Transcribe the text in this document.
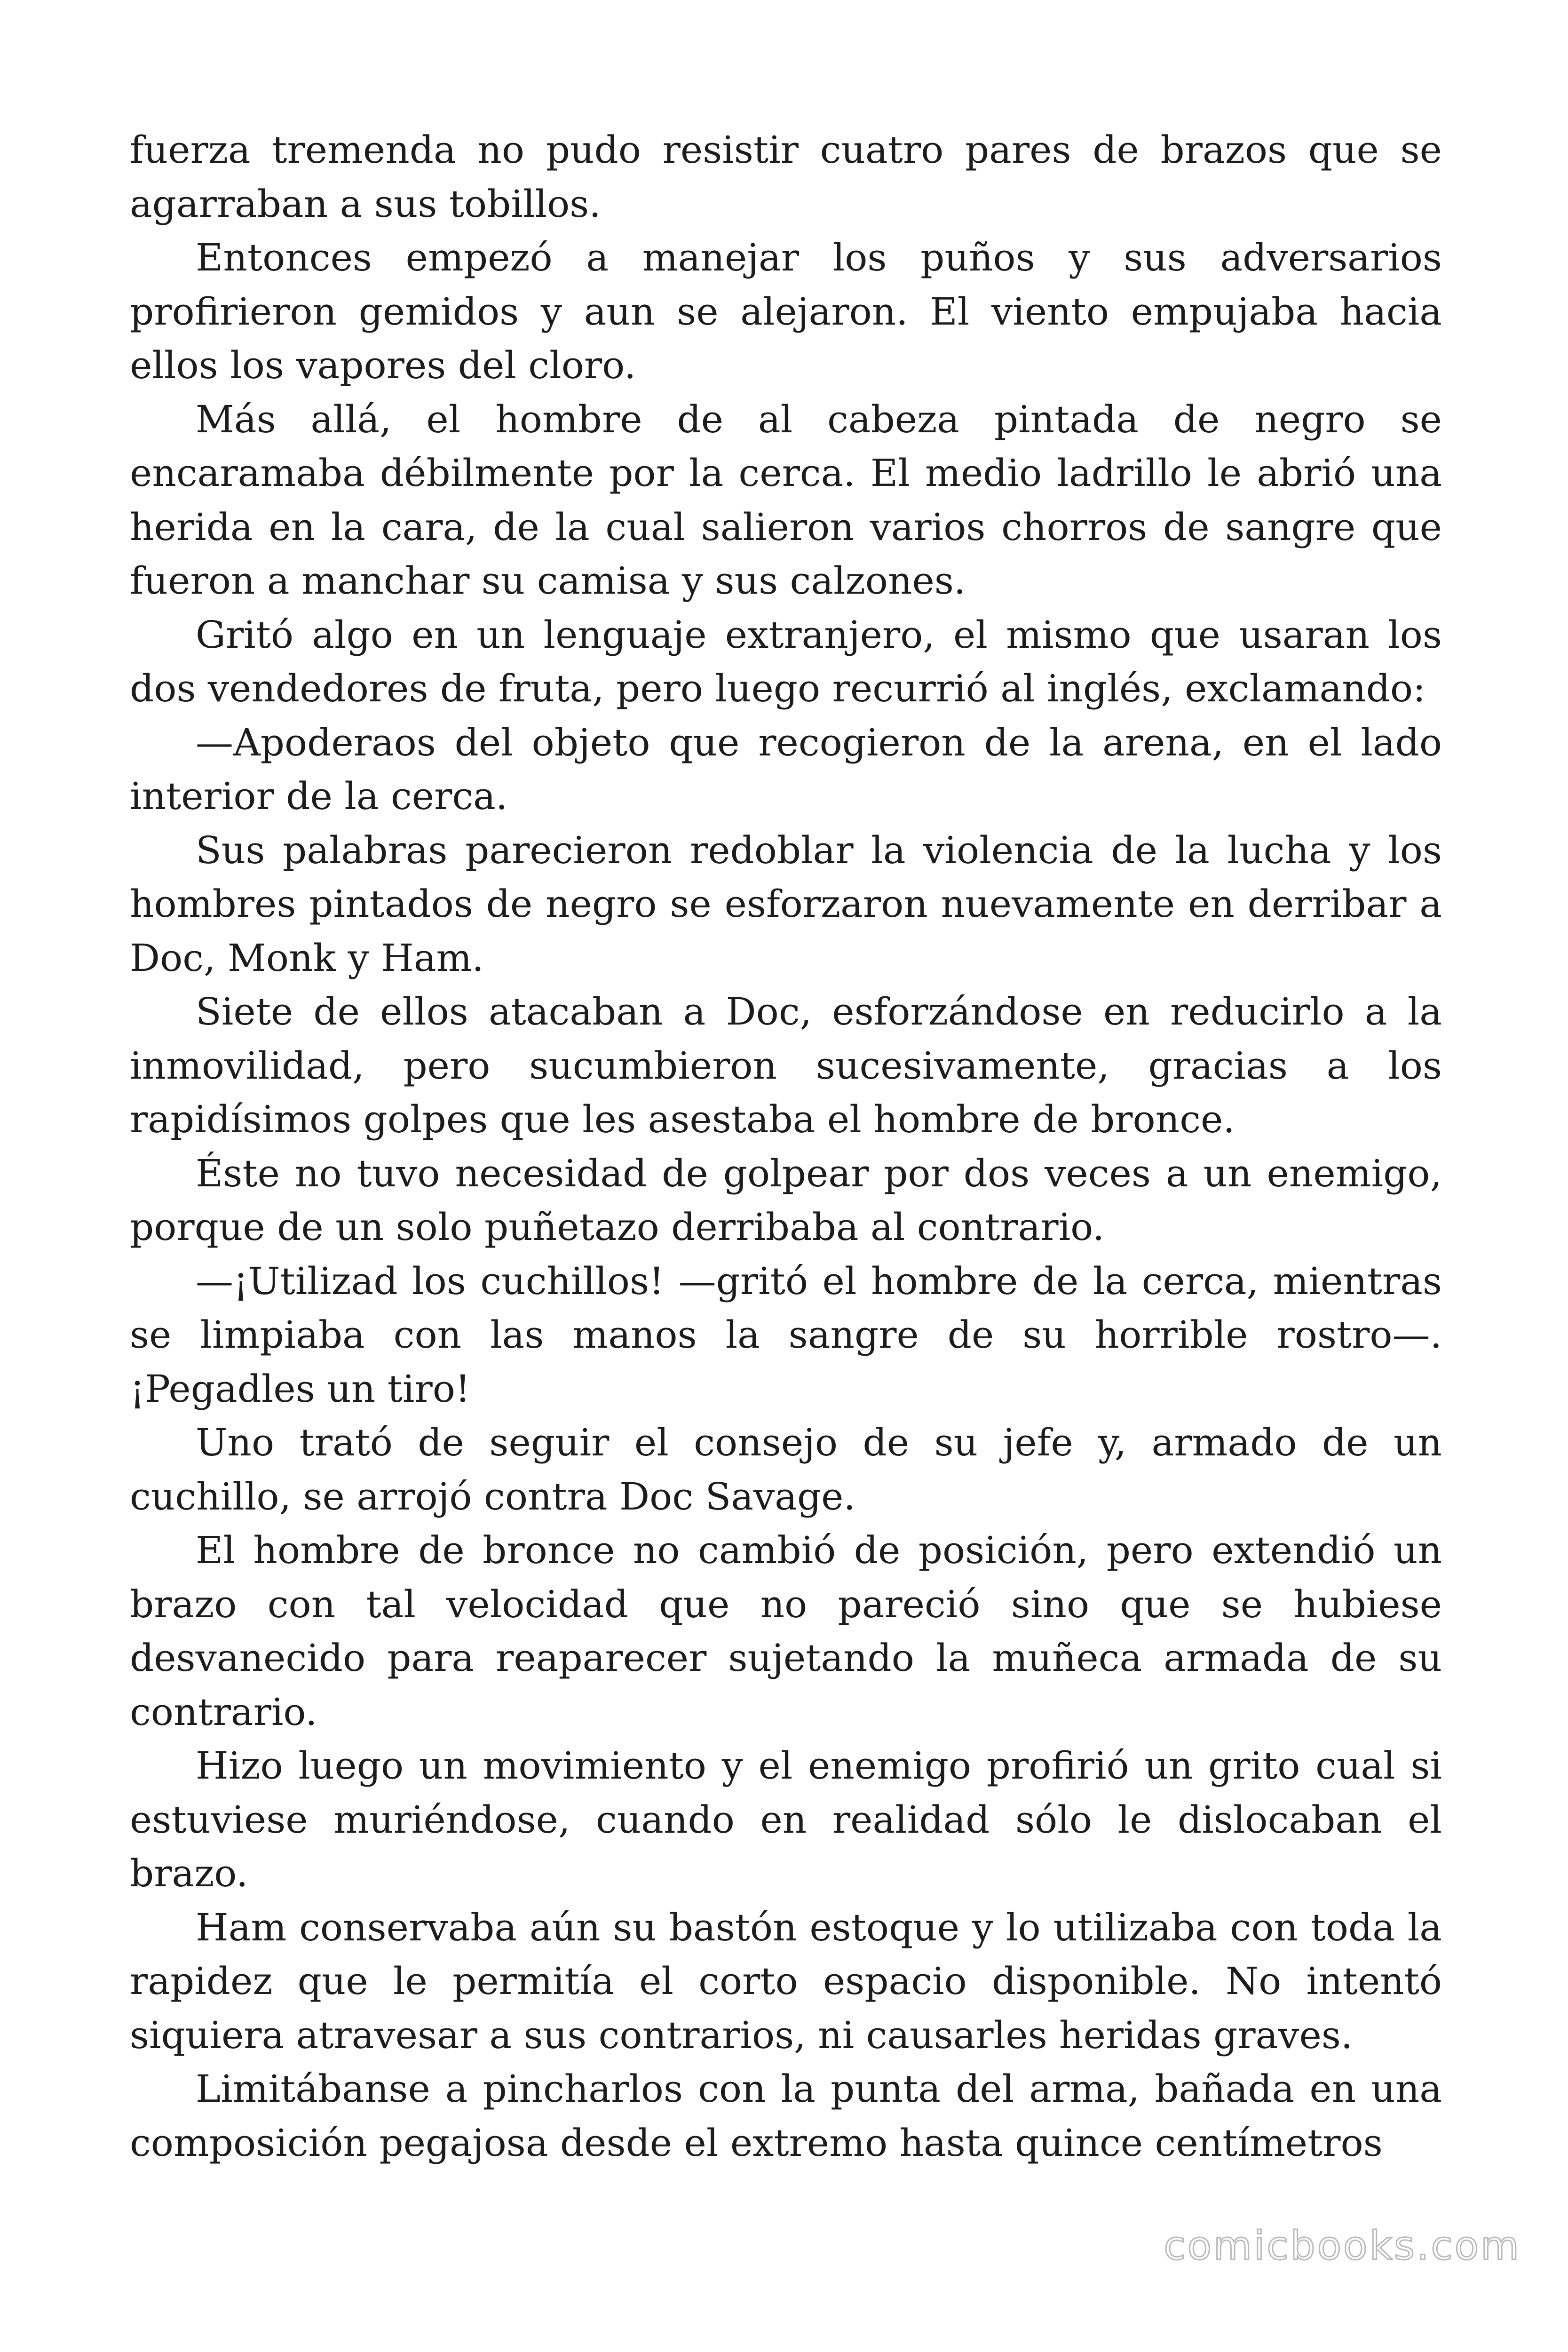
fuerza tremenda no pudo resistir cuatro pares de brazos que se agarraban a sus tobillos.

Entonces empezó a manejar los puños y sus adversarios profirieron gemidos y aun se alejaron. El viento empujaba hacia ellos los vapores del cloro.

Más allá, el hombre de al cabeza pintada de negro se encaramaba débilmente por la cerca. El medio ladrillo le abrió una herida en la cara, de la cual salieron varios chorros de sangre que fueron a manchar su camisa y sus calzones.

Gritó algo en un lenguaje extranjero, el mismo que usaran los dos vendedores de fruta, pero luego recurrió al inglés, exclamando:

—Apoderaos del objeto que recogieron de la arena, en el lado interior de la cerca.

Sus palabras parecieron redoblar la violencia de la lucha y los hombres pintados de negro se esforzaron nuevamente en derribar a Doc, Monk y Ham.

Siete de ellos atacaban a Doc, esforzándose en reducirlo a la inmovilidad, pero sucumbieron sucesivamente, gracias a los rapidísimos golpes que les asestaba el hombre de bronce.

Éste no tuvo necesidad de golpear por dos veces a un enemigo, porque de un solo puñetazo derribaba al contrario.

—¡Utilizad los cuchillos! —gritó el hombre de la cerca, mientras se limpiaba con las manos la sangre de su horrible rostro—. ¡Pegadles un tiro!

Uno trató de seguir el consejo de su jefe y, armado de un cuchillo, se arrojó contra Doc Savage.

El hombre de bronce no cambió de posición, pero extendió un brazo con tal velocidad que no pareció sino que se hubiese desvanecido para reaparecer sujetando la muñeca armada de su contrario.

Hizo luego un movimiento y el enemigo profirió un grito cual si estuviese muriéndose, cuando en realidad sólo le dislocaban el brazo.

Ham conservaba aún su bastón estoque y lo utilizaba con toda la rapidez que le permitía el corto espacio disponible. No intentó siquiera atravesar a sus contrarios, ni causarles heridas graves.

Limitábanse a pincharlos con la punta del arma, bañada en una composición pegajosa desde el extremo hasta quince centímetros

comicbooks.com
